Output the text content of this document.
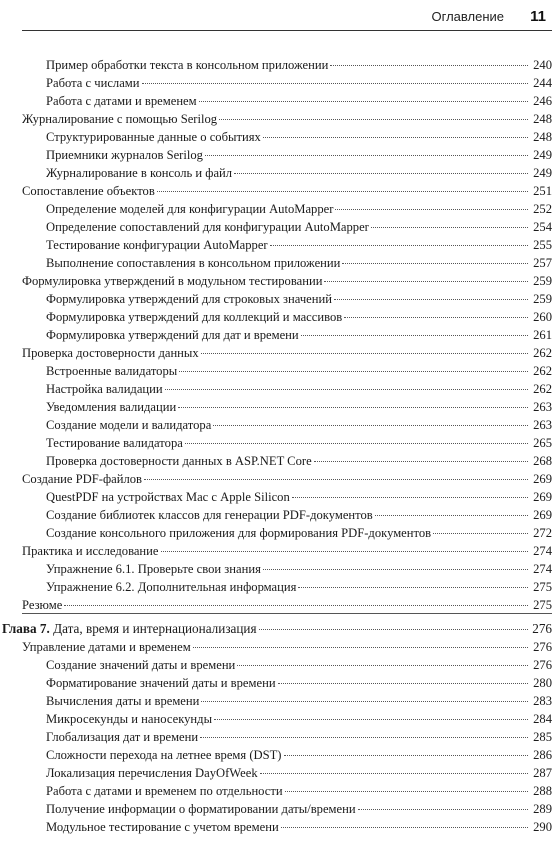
Оглавление 11
Пример обработки текста в консольном приложении	240
Работа с числами	244
Работа с датами и временем	246
Журналирование с помощью Serilog	248
Структурированные данные о событиях	248
Приемники журналов Serilog	249
Журналирование в консоль и файл	249
Сопоставление объектов	251
Определение моделей для конфигурации AutoMapper	252
Определение сопоставлений для конфигурации AutoMapper	254
Тестирование конфигурации AutoMapper	255
Выполнение сопоставления в консольном приложении	257
Формулировка утверждений в модульном тестировании	259
Формулировка утверждений для строковых значений	259
Формулировка утверждений для коллекций и массивов	260
Формулировка утверждений для дат и времени	261
Проверка достоверности данных	262
Встроенные валидаторы	262
Настройка валидации	262
Уведомления валидации	263
Создание модели и валидатора	263
Тестирование валидатора	265
Проверка достоверности данных в ASP.NET Core	268
Создание PDF-файлов	269
QuestPDF на устройствах Mac с Apple Silicon	269
Создание библиотек классов для генерации PDF-документов	269
Создание консольного приложения для формирования PDF-документов	272
Практика и исследование	274
Упражнение 6.1. Проверьте свои знания	274
Упражнение 6.2. Дополнительная информация	275
Резюме	275
Глава 7. Дата, время и интернационализация	276
Управление датами и временем	276
Создание значений даты и времени	276
Форматирование значений даты и времени	280
Вычисления даты и времени	283
Микросекунды и наносекунды	284
Глобализация дат и времени	285
Сложности перехода на летнее время (DST)	286
Локализация перечисления DayOfWeek	287
Работа с датами и временем по отдельности	288
Получение информации о форматировании даты/времени	289
Модульное тестирование с учетом времени	290
